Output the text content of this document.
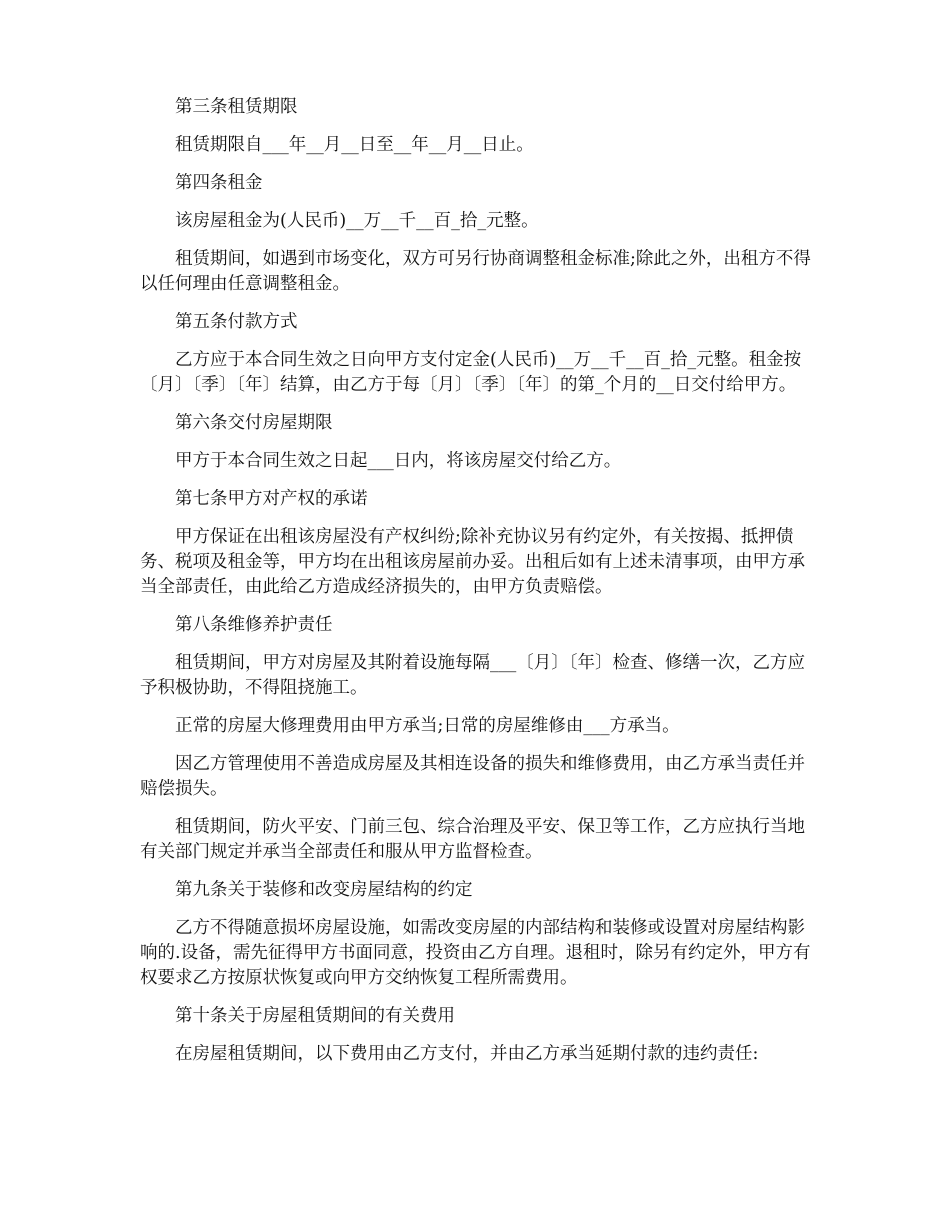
第三条租赁期限

租赁期限自___年__月__日至__年__月__日止。

第四条租金

该房屋租金为(人民币)__万__千__百_拾_元整。

租赁期间，如遇到市场变化，双方可另行协商调整租金标准;除此之外，出租方不得以任何理由任意调整租金。

第五条付款方式

乙方应于本合同生效之日向甲方支付定金(人民币)__万__千__百_拾_元整。租金按〔月〕〔季〕〔年〕结算，由乙方于每〔月〕〔季〕〔年〕的第_个月的__日交付给甲方。

第六条交付房屋期限

甲方于本合同生效之日起___日内，将该房屋交付给乙方。

第七条甲方对产权的承诺

甲方保证在出租该房屋没有产权纠纷;除补充协议另有约定外，有关按揭、抵押债务、税项及租金等，甲方均在出租该房屋前办妥。出租后如有上述未清事项，由甲方承当全部责任，由此给乙方造成经济损失的，由甲方负责赔偿。

第八条维修养护责任

租赁期间，甲方对房屋及其附着设施每隔___〔月〕〔年〕检查、修缮一次，乙方应予积极协助，不得阻挠施工。

正常的房屋大修理费用由甲方承当;日常的房屋维修由___方承当。

因乙方管理使用不善造成房屋及其相连设备的损失和维修费用，由乙方承当责任并赔偿损失。

租赁期间，防火平安、门前三包、综合治理及平安、保卫等工作，乙方应执行当地有关部门规定并承当全部责任和服从甲方监督检查。

第九条关于装修和改变房屋结构的约定

乙方不得随意损坏房屋设施，如需改变房屋的内部结构和装修或设置对房屋结构影响的.设备，需先征得甲方书面同意，投资由乙方自理。退租时，除另有约定外，甲方有权要求乙方按原状恢复或向甲方交纳恢复工程所需费用。

第十条关于房屋租赁期间的有关费用

在房屋租赁期间，以下费用由乙方支付，并由乙方承当延期付款的违约责任:
